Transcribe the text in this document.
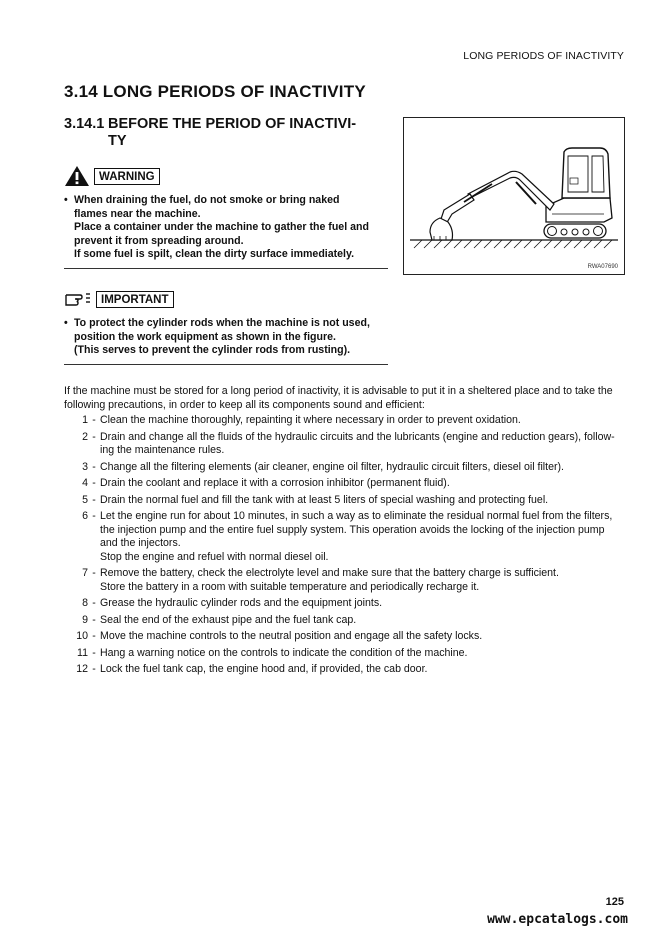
LONG PERIODS OF INACTIVITY
3.14 LONG PERIODS OF INACTIVITY
3.14.1 BEFORE THE PERIOD OF INACTIVI-
TY
WARNING
• When draining the fuel, do not smoke or bring naked
flames near the machine.
Place a container under the machine to gather the fuel and
prevent it from spreading around.
If some fuel is spilt, clean the dirty surface immediately.
IMPORTANT
• To protect the cylinder rods when the machine is not used,
position the work equipment as shown in the figure.
(This serves to prevent the cylinder rods from rusting).
RWA07690
If the machine must be stored for a long period of inactivity, it is advisable to put it in a sheltered place and to take the following precautions, in order to keep all its components sound and efficient:
1 - Clean the machine thoroughly, repainting it where necessary in order to prevent oxidation.
2 - Drain and change all the fluids of the hydraulic circuits and the lubricants (engine and reduction gears), follow-
ing the maintenance rules.
3 - Change all the filtering elements (air cleaner, engine oil filter, hydraulic circuit filters, diesel oil filter).
4 - Drain the coolant and replace it with a corrosion inhibitor (permanent fluid).
5 - Drain the normal fuel and fill the tank with at least 5 liters of special washing and protecting fuel.
6 - Let the engine run for about 10 minutes, in such a way as to eliminate the residual normal fuel from the filters,
the injection pump and the entire fuel supply system. This operation avoids the locking of the injection pump
and the injectors.
Stop the engine and refuel with normal diesel oil.
7 - Remove the battery, check the electrolyte level and make sure that the battery charge is sufficient.
Store the battery in a room with suitable temperature and periodically recharge it.
8 - Grease the hydraulic cylinder rods and the equipment joints.
9 - Seal the end of the exhaust pipe and the fuel tank cap.
10 - Move the machine controls to the neutral position and engage all the safety locks.
11 - Hang a warning notice on the controls to indicate the condition of the machine.
12 - Lock the fuel tank cap, the engine hood and, if provided, the cab door.
125
www.epcatalogs.com
